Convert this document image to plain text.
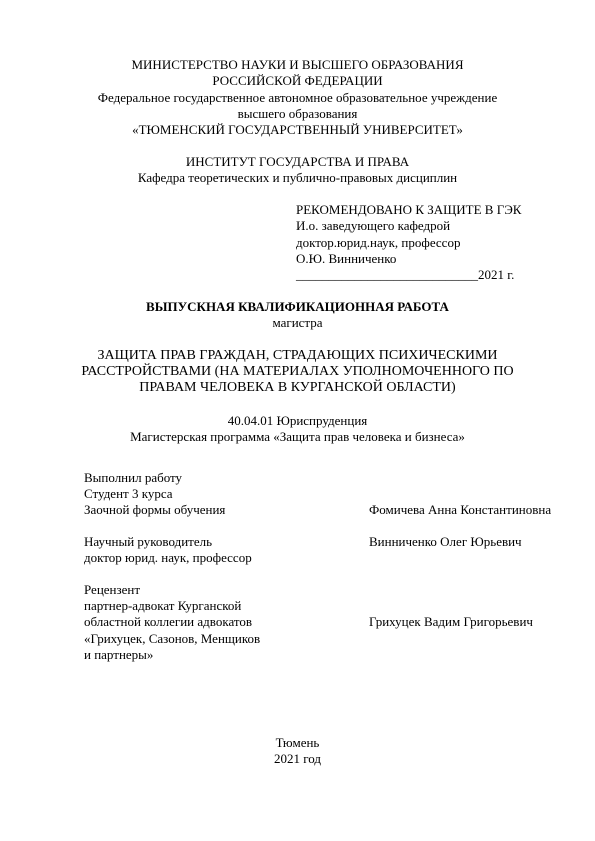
МИНИСТЕРСТВО НАУКИ И ВЫСШЕГО ОБРАЗОВАНИЯ
РОССИЙСКОЙ ФЕДЕРАЦИИ
Федеральное государственное автономное образовательное учреждение
высшего образования
«ТЮМЕНСКИЙ ГОСУДАРСТВЕННЫЙ УНИВЕРСИТЕТ»
ИНСТИТУТ ГОСУДАРСТВА И ПРАВА
Кафедра теоретических и публично-правовых дисциплин
РЕКОМЕНДОВАНО К ЗАЩИТЕ В ГЭК
И.о. заведующего кафедрой
доктор.юрид.наук, профессор
О.Ю. Винниченко
____________________________2021 г.
ВЫПУСКНАЯ КВАЛИФИКАЦИОННАЯ РАБОТА
магистра
ЗАЩИТА ПРАВ ГРАЖДАН, СТРАДАЮЩИХ ПСИХИЧЕСКИМИ
РАССТРОЙСТВАМИ (НА МАТЕРИАЛАХ УПОЛНОМОЧЕННОГО ПО
ПРАВАМ ЧЕЛОВЕКА В КУРГАНСКОЙ ОБЛАСТИ)
40.04.01 Юриспруденция
Магистерская программа «Защита прав человека и бизнеса»
Выполнил работу
Студент 3 курса
Заочной формы обучения	Фомичева Анна Константиновна
Научный руководитель	Винниченко Олег Юрьевич
доктор юрид. наук, профессор
Рецензент
партнер-адвокат Курганской
областной коллегии адвокатов	Грихуцек Вадим Григорьевич
«Грихуцек, Сазонов, Менщиков
и партнеры»
Тюмень
2021 год
